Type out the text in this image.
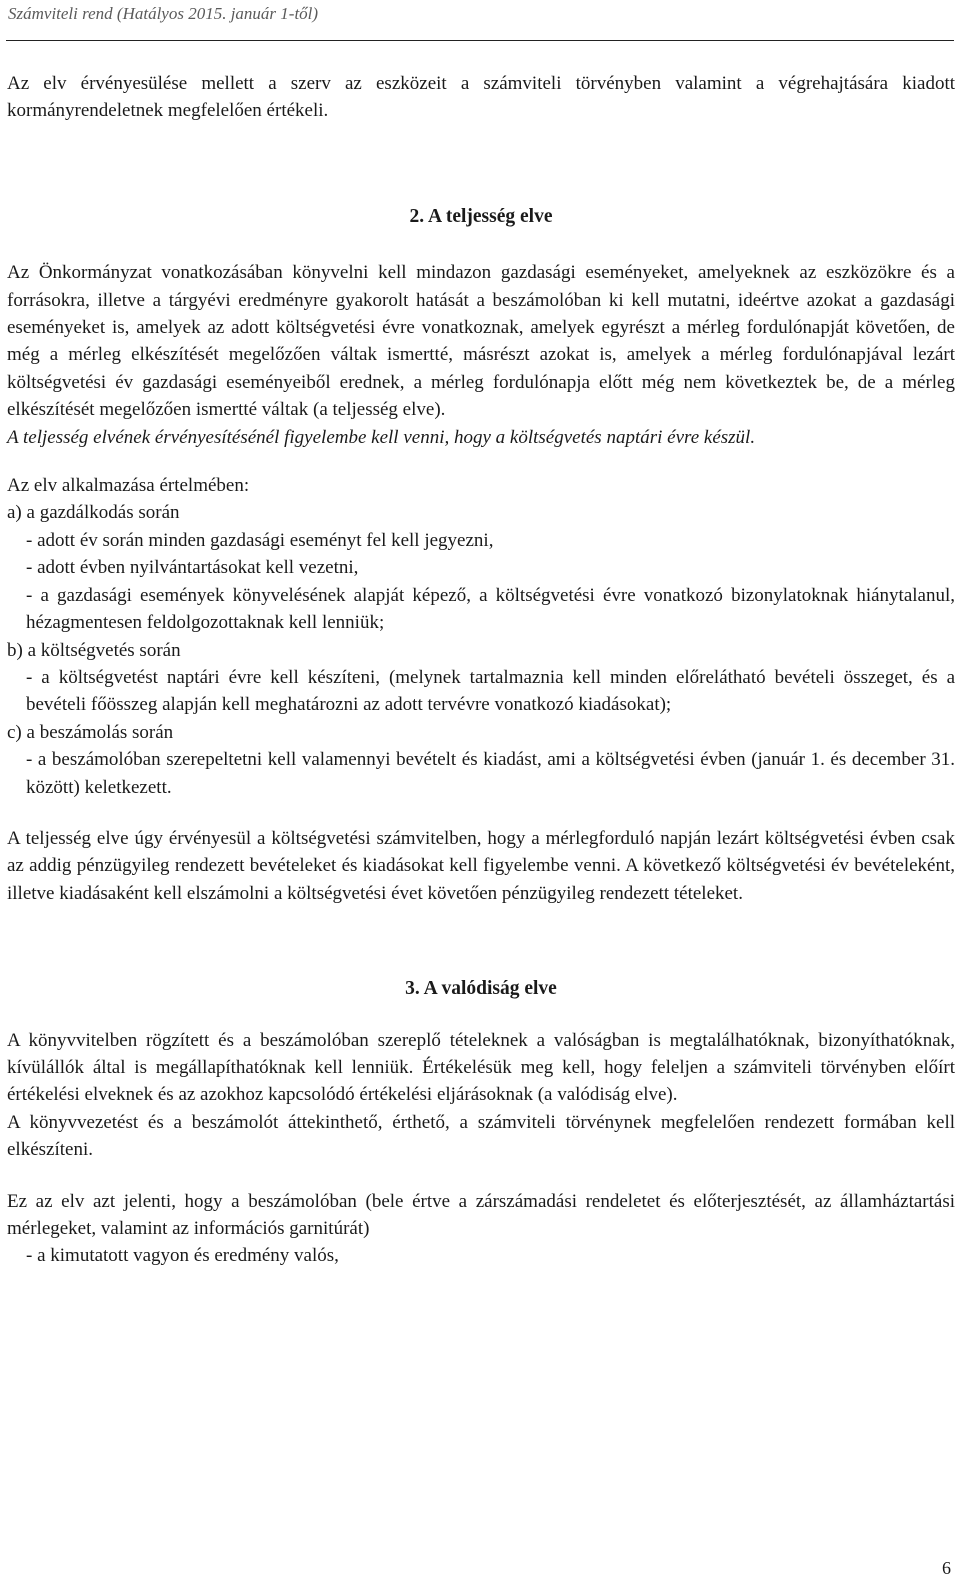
Számviteli rend (Hatályos 2015. január 1-től)

Az elv érvényesülése mellett a szerv az eszközeit a számviteli törvényben valamint a végrehajtására kiadott kormányrendeletnek megfelelően értékeli.

2. A teljesség elve

Az Önkormányzat vonatkozásában könyvelni kell mindazon gazdasági eseményeket, amelyeknek az eszközökre és a forrásokra, illetve a tárgyévi eredményre gyakorolt hatását a beszámolóban ki kell mutatni, ideértve azokat a gazdasági eseményeket is, amelyek az adott költségvetési évre vonatkoznak, amelyek egyrészt a mérleg fordulónapját követően, de még a mérleg elkészítését megelőzően váltak ismertté, másrészt azokat is, amelyek a mérleg fordulónapjával lezárt költségvetési év gazdasági eseményeiből erednek, a mérleg fordulónapja előtt még nem következtek be, de a mérleg elkészítését megelőzően ismertté váltak (a teljesség elve).

A teljesség elvének érvényesítésénél figyelembe kell venni, hogy a költségvetés naptári évre készül.

Az elv alkalmazása értelmében:

a) a gazdálkodás során

- adott év során minden gazdasági eseményt fel kell jegyezni,

- adott évben nyilvántartásokat kell vezetni,

- a gazdasági események könyvelésének alapját képező, a költségvetési évre vonatkozó bizonylatoknak hiánytalanul, hézagmentesen feldolgozottaknak kell lenniük;

b) a költségvetés során

- a költségvetést naptári évre kell készíteni, (melynek tartalmaznia kell minden előrelátható bevételi összeget, és a bevételi főösszeg alapján kell meghatározni az adott tervévre vonatkozó kiadásokat);

c) a beszámolás során

- a beszámolóban szerepeltetni kell valamennyi bevételt és kiadást, ami a költségvetési évben (január 1. és december 31. között) keletkezett.

A teljesség elve úgy érvényesül a költségvetési számvitelben, hogy a mérlegforduló napján lezárt költségvetési évben csak az addig pénzügyileg rendezett bevételeket és kiadásokat kell figyelembe venni. A következő költségvetési év bevételeként, illetve kiadásaként kell elszámolni a költségvetési évet követően pénzügyileg rendezett tételeket.

3. A valódiság elve

A könyvvitelben rögzített és a beszámolóban szereplő tételeknek a valóságban is megtalálhatóknak, bizonyíthatóknak, kívülállók által is megállapíthatóknak kell lenniük. Értékelésük meg kell, hogy feleljen a számviteli törvényben előírt értékelési elveknek és az azokhoz kapcsolódó értékelési eljárásoknak (a valódiság elve).

A könyvvezetést és a beszámolót áttekinthető, érthető, a számviteli törvénynek megfelelően rendezett formában kell elkészíteni.

Ez az elv azt jelenti, hogy a beszámolóban (bele értve a zárszámadási rendeletet és előterjesztését, az államháztartási mérlegeket, valamint az információs garnitúrát)

- a kimutatott vagyon és eredmény valós,

6
